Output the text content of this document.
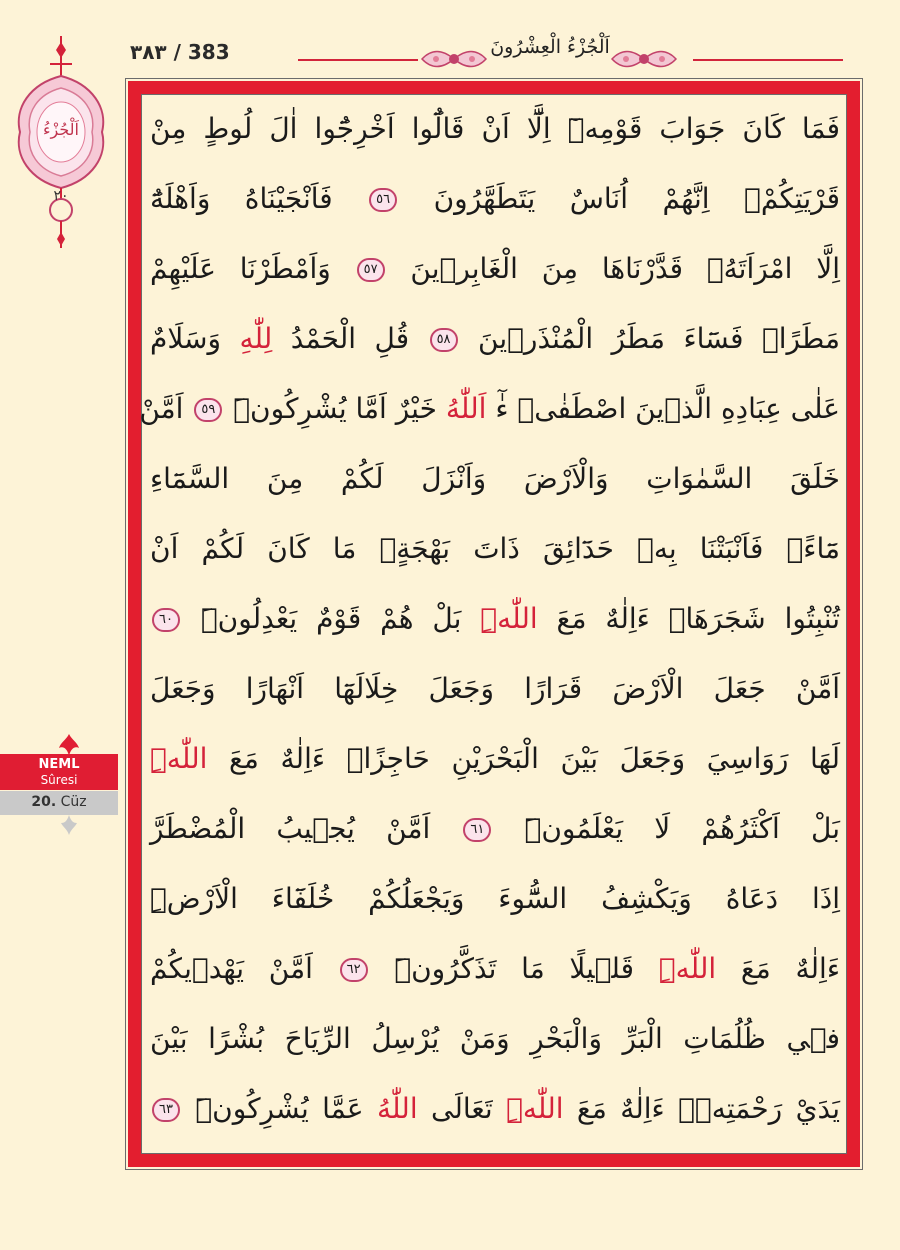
٣٨٣ / 383	اَلْجُزْءُ الْعِشْرُونَ
اَلْجُزْءُ
٢٠
NEML
Sûresi
20. Cüz
فَمَا كَانَ جَوَابَ قَوْمِه۪ٓ اِلَّٓا اَنْ قَالُٓوا اَخْرِجُٓوا اٰلَ لُوطٍ مِنْ
قَرْيَتِكُمْۚ اِنَّهُمْ اُنَاسٌ يَتَطَهَّرُونَ ٥٦ فَاَنْجَيْنَاهُ وَاَهْلَهُٓ
اِلَّا امْرَاَتَهُۘ قَدَّرْنَاهَا مِنَ الْغَابِر۪ينَ ٥٧ وَاَمْطَرْنَا عَلَيْهِمْ
مَطَرًاۚ فَسَٓاءَ مَطَرُ الْمُنْذَر۪ينَ ٥٨ قُلِ الْحَمْدُ لِلّٰهِ وَسَلَامٌ
عَلٰى عِبَادِهِ الَّذ۪ينَ اصْطَفٰىۜ ءٰٓ اَللّٰهُ خَيْرٌ اَمَّا يُشْرِكُونَۜ ٥٩ اَمَّنْ
خَلَقَ السَّمٰوَاتِ وَالْاَرْضَ وَاَنْزَلَ لَكُمْ مِنَ السَّمَٓاءِ
مَٓاءًۚ فَاَنْبَتْنَا بِه۪ حَدَٓائِقَ ذَاتَ بَهْجَةٍۚ مَا كَانَ لَكُمْ اَنْ
تُنْبِتُوا شَجَرَهَاۜ ءَاِلٰهٌ مَعَ اللّٰهِۜ بَلْ هُمْ قَوْمٌ يَعْدِلُونَۜ ٦٠
اَمَّنْ جَعَلَ الْاَرْضَ قَرَارًا وَجَعَلَ خِلَالَهَٓا اَنْهَارًا وَجَعَلَ
لَهَا رَوَاسِيَ وَجَعَلَ بَيْنَ الْبَحْرَيْنِ حَاجِزًاۜ ءَاِلٰهٌ مَعَ اللّٰهِۜ
بَلْ اَكْثَرُهُمْ لَا يَعْلَمُونَۜ ٦١ اَمَّنْ يُج۪يبُ الْمُضْطَرَّ
اِذَا دَعَاهُ وَيَكْشِفُ السُّٓوءَ وَيَجْعَلُكُمْ خُلَفَٓاءَ الْاَرْضِۜ
ءَاِلٰهٌ مَعَ اللّٰهِۜ قَل۪يلًا مَا تَذَكَّرُونَۜ ٦٢ اَمَّنْ يَهْد۪يكُمْ
ف۪ي ظُلُمَاتِ الْبَرِّ وَالْبَحْرِ وَمَنْ يُرْسِلُ الرِّيَاحَ بُشْرًا بَيْنَ
يَدَيْ رَحْمَتِه۪ۜ ءَاِلٰهٌ مَعَ اللّٰهِۜ تَعَالَى اللّٰهُ عَمَّا يُشْرِكُونَۜ ٦٣
